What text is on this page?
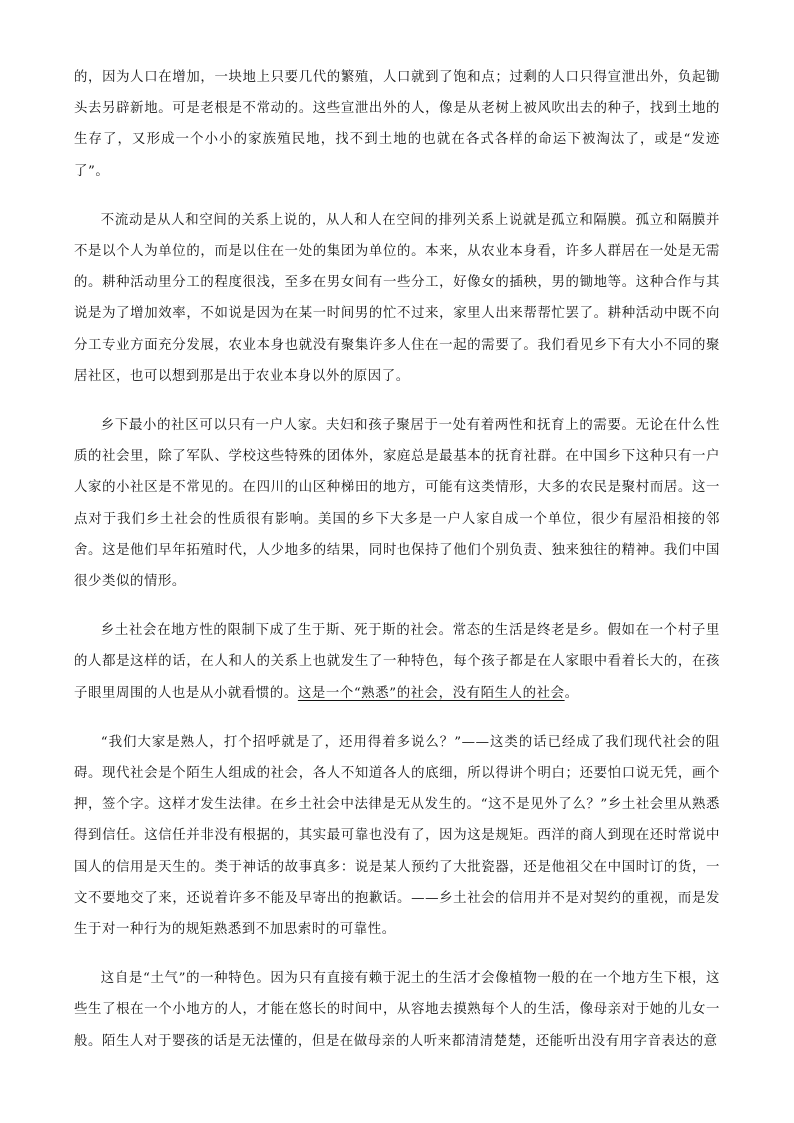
的，因为人口在增加，一块地上只要几代的繁殖，人口就到了饱和点；过剩的人口只得宣泄出外，负起锄头去另辟新地。可是老根是不常动的。这些宣泄出外的人，像是从老树上被风吹出去的种子，找到土地的生存了，又形成一个小小的家族殖民地，找不到土地的也就在各式各样的命运下被淘汰了，或是“发迹了”。

不流动是从人和空间的关系上说的，从人和人在空间的排列关系上说就是孤立和隔膜。孤立和隔膜并不是以个人为单位的，而是以住在一处的集团为单位的。本来，从农业本身看，许多人群居在一处是无需的。耕种活动里分工的程度很浅，至多在男女间有一些分工，好像女的插秧，男的锄地等。这种合作与其说是为了增加效率，不如说是因为在某一时间男的忙不过来，家里人出来帮帮忙罢了。耕种活动中既不向分工专业方面充分发展，农业本身也就没有聚集许多人住在一起的需要了。我们看见乡下有大小不同的聚居社区，也可以想到那是出于农业本身以外的原因了。

乡下最小的社区可以只有一户人家。夫妇和孩子聚居于一处有着两性和抚育上的需要。无论在什么性质的社会里，除了军队、学校这些特殊的团体外，家庭总是最基本的抚育社群。在中国乡下这种只有一户人家的小社区是不常见的。在四川的山区种梯田的地方，可能有这类情形，大多的农民是聚村而居。这一点对于我们乡土社会的性质很有影响。美国的乡下大多是一户人家自成一个单位，很少有屋沿相接的邻舍。这是他们早年拓殖时代，人少地多的结果，同时也保持了他们个别负责、独来独往的精神。我们中国很少类似的情形。

乡土社会在地方性的限制下成了生于斯、死于斯的社会。常态的生活是终老是乡。假如在一个村子里的人都是这样的话，在人和人的关系上也就发生了一种特色，每个孩子都是在人家眼中看着长大的，在孩子眼里周围的人也是从小就看惯的。这是一个“熟悉”的社会，没有陌生人的社会。

“我们大家是熟人，打个招呼就是了，还用得着多说么？”——这类的话已经成了我们现代社会的阻碍。现代社会是个陌生人组成的社会，各人不知道各人的底细，所以得讲个明白；还要怕口说无凭，画个押，签个字。这样才发生法律。在乡土社会中法律是无从发生的。“这不是见外了么？”乡土社会里从熟悉得到信任。这信任并非没有根据的，其实最可靠也没有了，因为这是规矩。西洋的商人到现在还时常说中国人的信用是天生的。类于神话的故事真多：说是某人预约了大批瓷器，还是他祖父在中国时订的货，一文不要地交了来，还说着许多不能及早寄出的抱歉话。——乡土社会的信用并不是对契约的重视，而是发生于对一种行为的规矩熟悉到不加思索时的可靠性。

这自是“土气”的一种特色。因为只有直接有赖于泥土的生活才会像植物一般的在一个地方生下根，这些生了根在一个小地方的人，才能在悠长的时间中，从容地去摸熟每个人的生活，像母亲对于她的儿女一般。陌生人对于婴孩的话是无法懂的，但是在做母亲的人听来都清清楚楚，还能听出没有用字音表达的意
